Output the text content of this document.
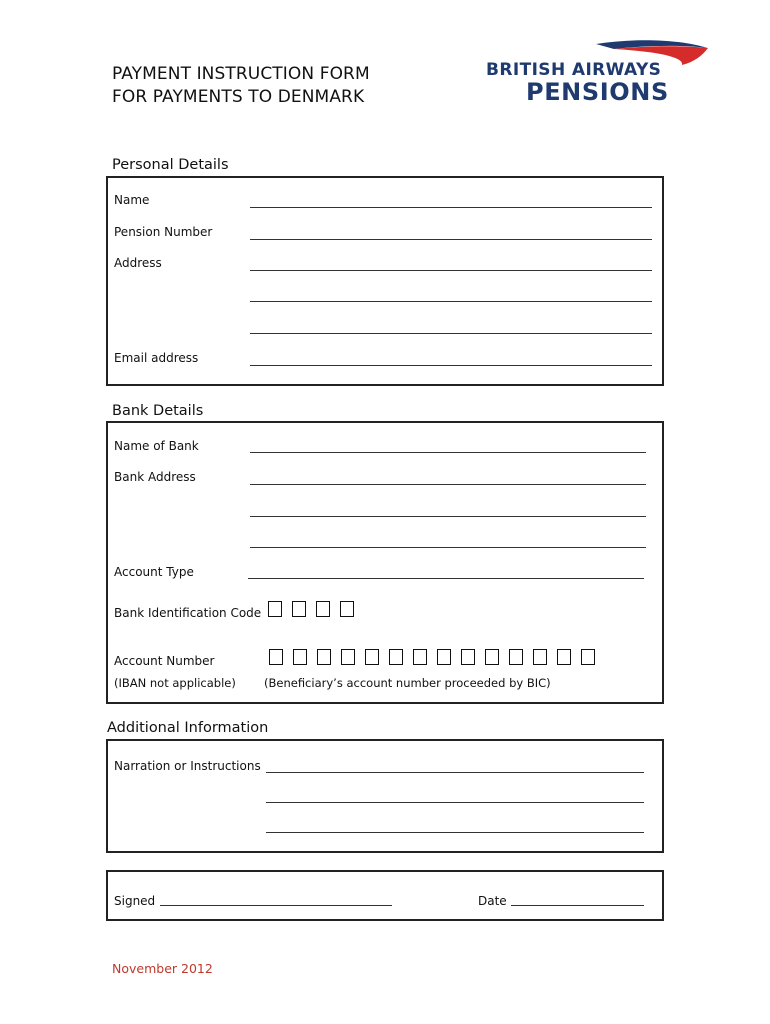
PAYMENT INSTRUCTION FORM
FOR PAYMENTS TO DENMARK
BRITISH AIRWAYS
PENSIONS
Personal Details
Name
Pension Number
Address
Email address
Bank Details
Name of Bank
Bank Address
Account Type
Bank Identification Code
Account Number
(IBAN not applicable) (Beneficiary’s account number proceeded by BIC)
Additional Information
Narration or Instructions
Signed	Date
November 2012
